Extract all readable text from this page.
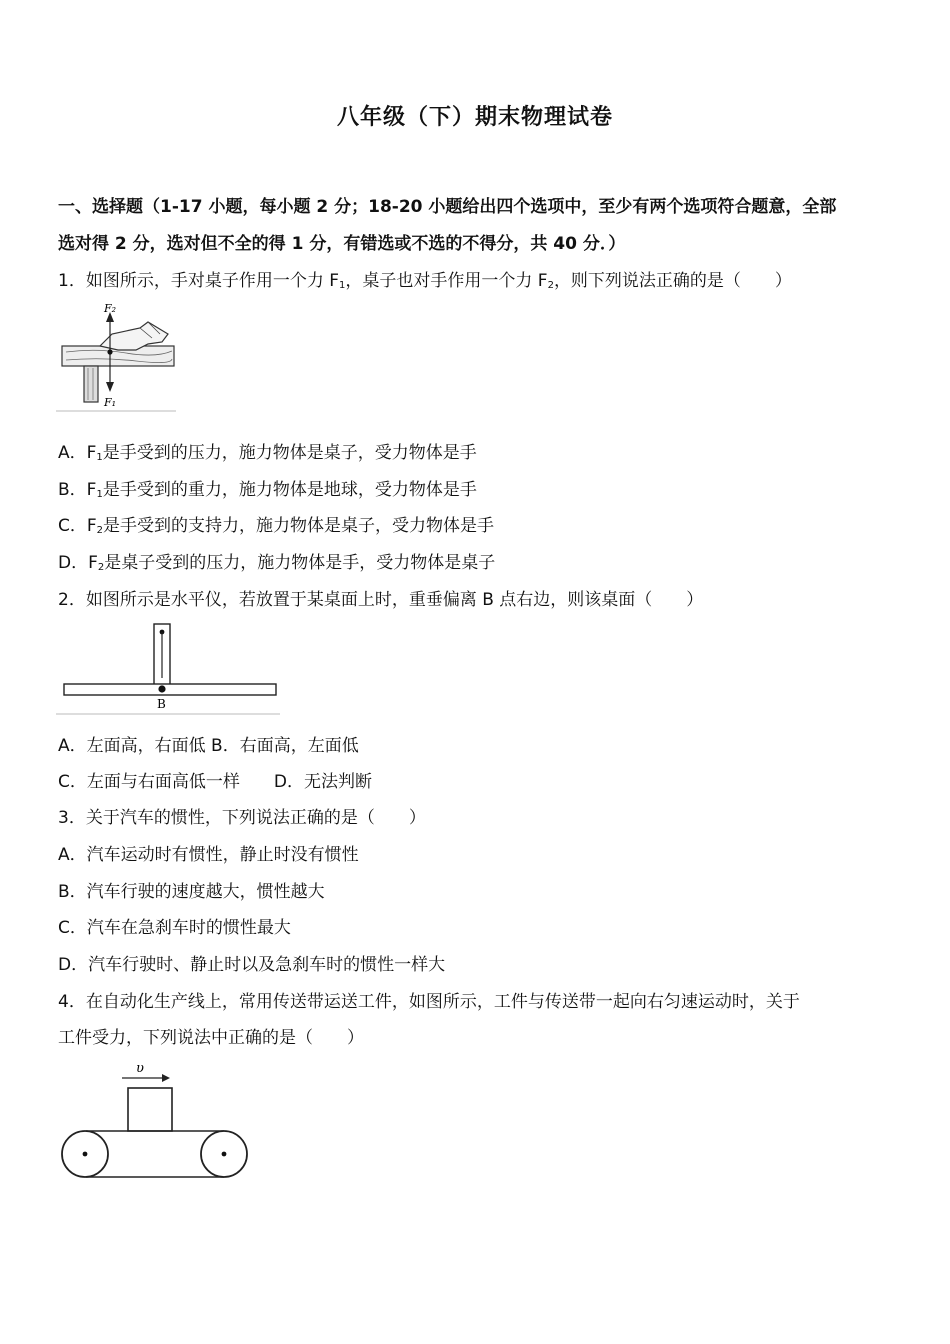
八年级（下）期末物理试卷
一、选择题（1-17 小题，每小题 2 分；18-20 小题给出四个选项中，至少有两个选项符合题意，全部
选对得 2 分，选对但不全的得 1 分，有错选或不选的不得分，共 40 分．）
1．如图所示，手对桌子作用一个力 $F_1$，桌子也对手作用一个力 $F_2$，则下列说法正确的是（　　）
F₂
F₁
A．$F_1$是手受到的压力，施力物体是桌子，受力物体是手
B．$F_1$是手受到的重力，施力物体是地球，受力物体是手
C．$F_2$是手受到的支持力，施力物体是桌子，受力物体是手
D．$F_2$是桌子受到的压力，施力物体是手，受力物体是桌子
2．如图所示是水平仪，若放置于某桌面上时，重垂偏离 B 点右边，则该桌面（　　）
B
A．左面高，右面低 B．右面高，左面低
C．左面与右面高低一样　　D．无法判断
3．关于汽车的惯性，下列说法正确的是（　　）
A．汽车运动时有惯性，静止时没有惯性
B．汽车行驶的速度越大，惯性越大
C．汽车在急刹车时的惯性最大
D．汽车行驶时、静止时以及急刹车时的惯性一样大
4．在自动化生产线上，常用传送带运送工件，如图所示，工件与传送带一起向右匀速运动时，关于
工件受力，下列说法中正确的是（　　）
υ
